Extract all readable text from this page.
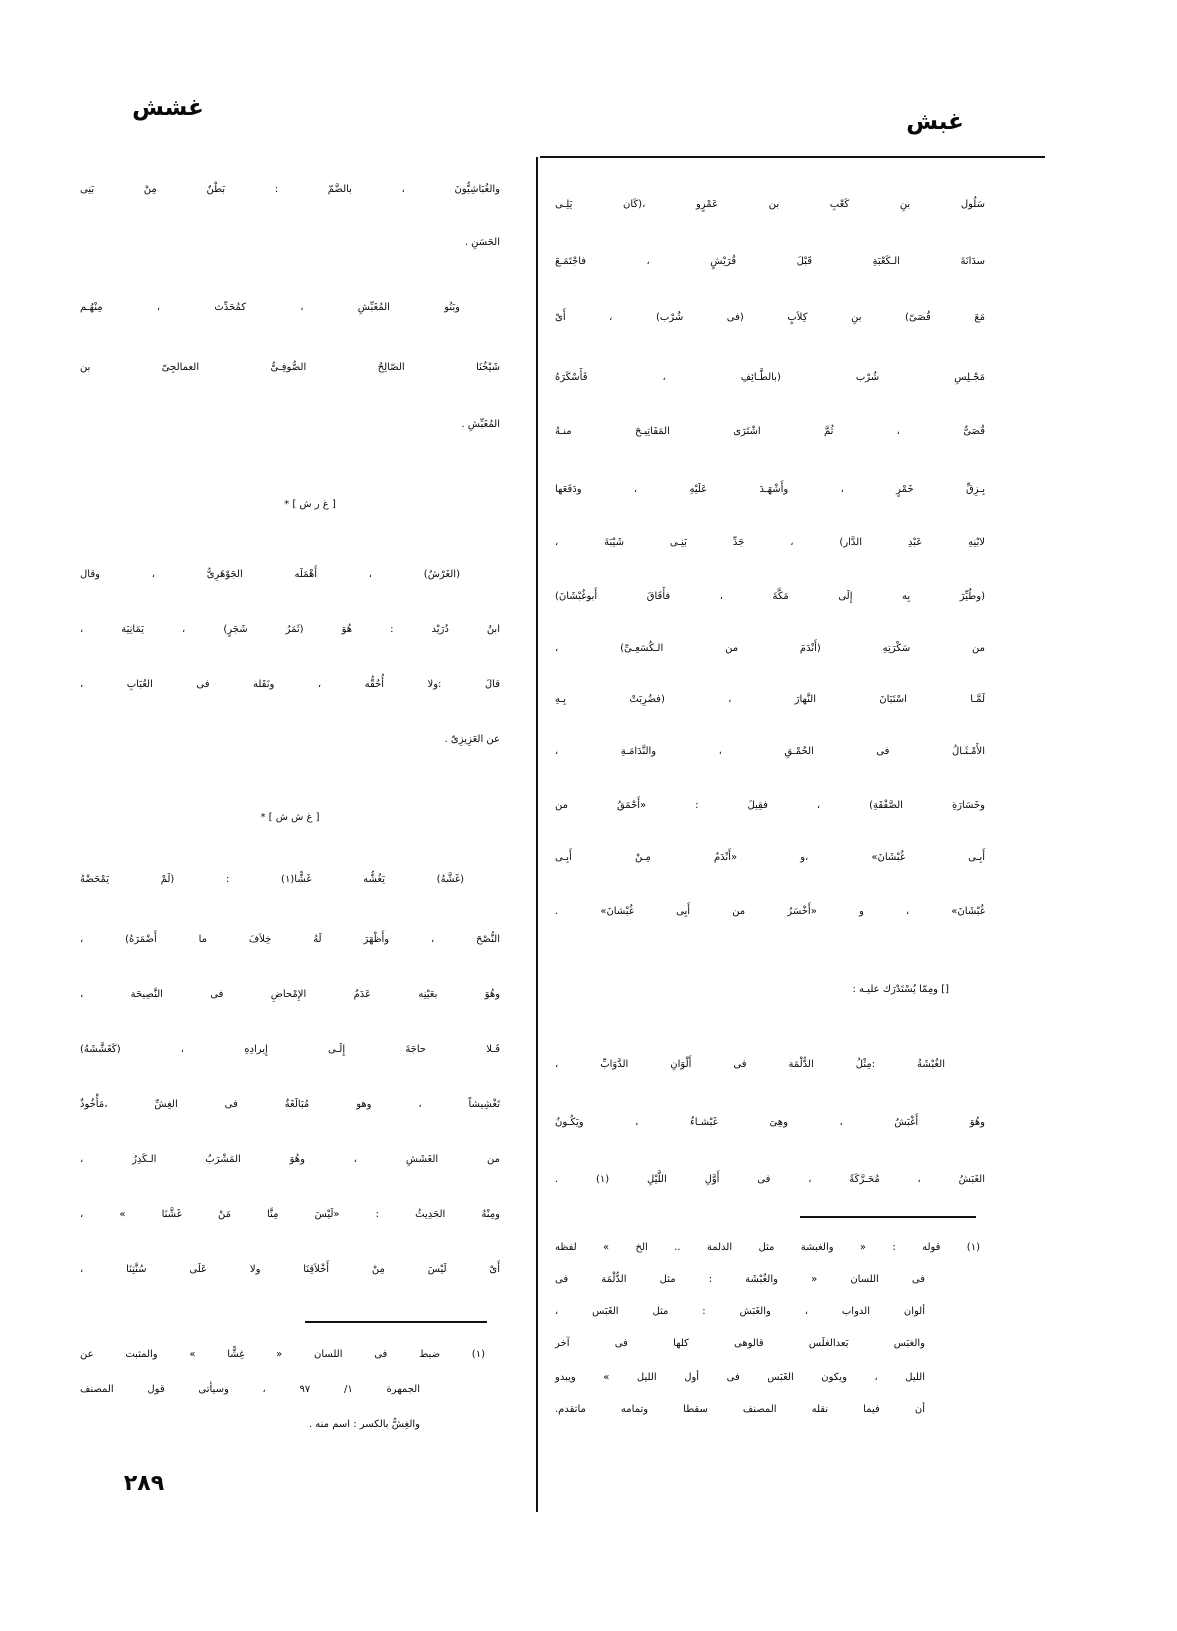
غبش
غشش
سَلُول بنِ كَعْبِ بن عَمْرٍو ،(كَان يَلِـى
سدَانَةَ الـكَعْبَةِ قَبْلَ قُرَيْشٍ ، فاجْتَمَـعَ
مَعَ قُصَىّ) بنِ كِلاَبٍ (فى شُرْب) ، أَىْ
مَجْـلِسِ شُرْب (بالطَّـائِفِ ، فَأَسْكَرَهُ
قُصَىٌّ ، ثُمَّ اشْتَرَى المَفَاتِيـحَ منـهُ
بِـزِقِّ خَمْرٍ ، وأَشْهَـدَ عَلَيْهِ ، ودَفَعَها
لابْنِهِ عَبْدِ الدَّار) ، جَدِّ بَنِـى شَيْبَةَ ،
(وطُيِّرَ بِه إِلَى مَكَّةَ ، فأَفَاقَ أَبوغُبْشَانَ)
من سَكْرَتِهِ (أَنْدَمَ من الـكُسَعِـىِّ) ،
لَمَّـا اسْتَبَانَ النَّهارَ ، (فضُرِبَتْ بِـهِ
الأَمْـثَـالُ فى الحُمْـقِ ، والنَّدَامَـةِ ،
وخَسَارَةِ الصَّفْقَةِ) ، فقِيلَ : «أَحْمَقُ من
أَبِـى غُبْشَانَ» ،و «أَنْدَمُ مِـنْ أَبِـى
غُبْشَانَ» ، و «أَخْسَرُ من أَبِى غُبْشانَ» .
[] ومِمّا يُسْتَدْرَك عليـه :
الغُبْشَةُ :مِثْلُ الدُّلْمَة فى أَلْوَانِ الدَّوَابِّ ،
وهُوَ أَغْبَشُ ، وهِىَ غَبْشـاءُ ، ويَكُـونُ
الغَبَشُ ، مُحَـرَّكَةً ، فى أَوَّلِ اللَّيْلِ (١) .
(١) قوله : « والغبشة مثل الدلمة .. الخ » لفظه
فى اللسان « والغُبْشَة : مثل الدُّلْمَة فى
ألوان الدواب ، والغَبَش : مثل الغَبَس ،
والغبَس بَعدالغلَس قالوهى كلها فى آخر
الليل ، ويكون الغَبَس فى أول الليل » ويبدو
أن فيما نقله المصنف سقطا وتمامه ماتقدم.
والغُبَاشِيُّونَ ، بالضَّمّ : بَطْنٌ مِنْ بَنِى
الحَسَنِ .
وبَنُو المُغَبِّشِ ، كمُحَدِّث ، مِنْهُـم
شَيْخُنَا الصّالِحُ الصُّوفِـىُّ العمالجِىّ بن
المُغَبِّشِ .
[ غ ر ش ] *
(الغَرْشُ) ، أَهْمَلَه الجَوْهَرِىُّ ، وقال
ابنُ دُرَيْد : هُوَ (ثَمَرُ شَجَرٍ) ، يَمَانِيَة ،
قالَ :ولا أُحُقُّه ، ونَقَله فى العُبَابِ ،
عن العَزِيزِىّ .
[ غ ش ش ] *
(غَشَّهُ) يَغُشُّه غَشًّا(١) : (لَمْ يَمْحَضْهُ
النُّصْحَ ، وأَظْهَرَ لَهُ خِلاَفَ ما أَضْمَرَهُ) ،
وهُوَ بعَيْنِه عَدَمُ الإِمْحاضِ فى النَّصِيحَة ،
فَـلا حاجَةَ إِلَـى إِيرادِهِ ، (كَغَشَّشَهُ)
تَغْشِيشاً ، وهو مُبَالَغَةٌ فى الغِشِّ ،مَأْخُوذٌ
من الغَشَشِ ، وهُوَ المَشْرَبُ الـكَدِرُ ،
ومِنْهُ الحَدِيثُ : «لَيْسَ مِنَّا مَنْ غَشَّنَا » ،
أَىْ لَيْسَ مِنْ أَخْلاَقِنَا ولا عَلَى سُنَّتِنَا ،
(١) ضبط فى اللسان « غِشًّا » والمثبت عن
الجمهرة ١/ ٩٧ ، وسيأتى قول المصنف
والغِشُّ بالكسر : اسم منه .
٢٨٩
